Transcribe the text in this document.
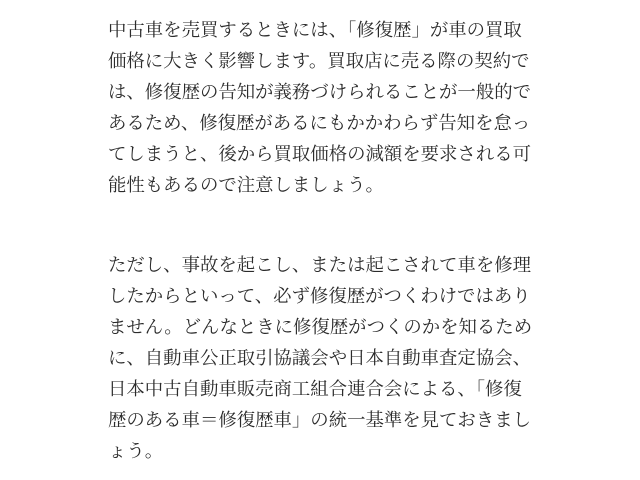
中古車を売買するときには、「修復歴」が車の買取
価格に大きく影響します。買取店に売る際の契約で
は、修復歴の告知が義務づけられることが一般的で
あるため、修復歴があるにもかかわらず告知を怠っ
てしまうと、後から買取価格の減額を要求される可
能性もあるので注意しましょう。
ただし、事故を起こし、または起こされて車を修理
したからといって、必ず修復歴がつくわけではあり
ません。どんなときに修復歴がつくのかを知るため
に、自動車公正取引協議会や日本自動車査定協会、
日本中古自動車販売商工組合連合会による、「修復
歴のある車＝修復歴車」の統一基準を見ておきまし
ょう。
